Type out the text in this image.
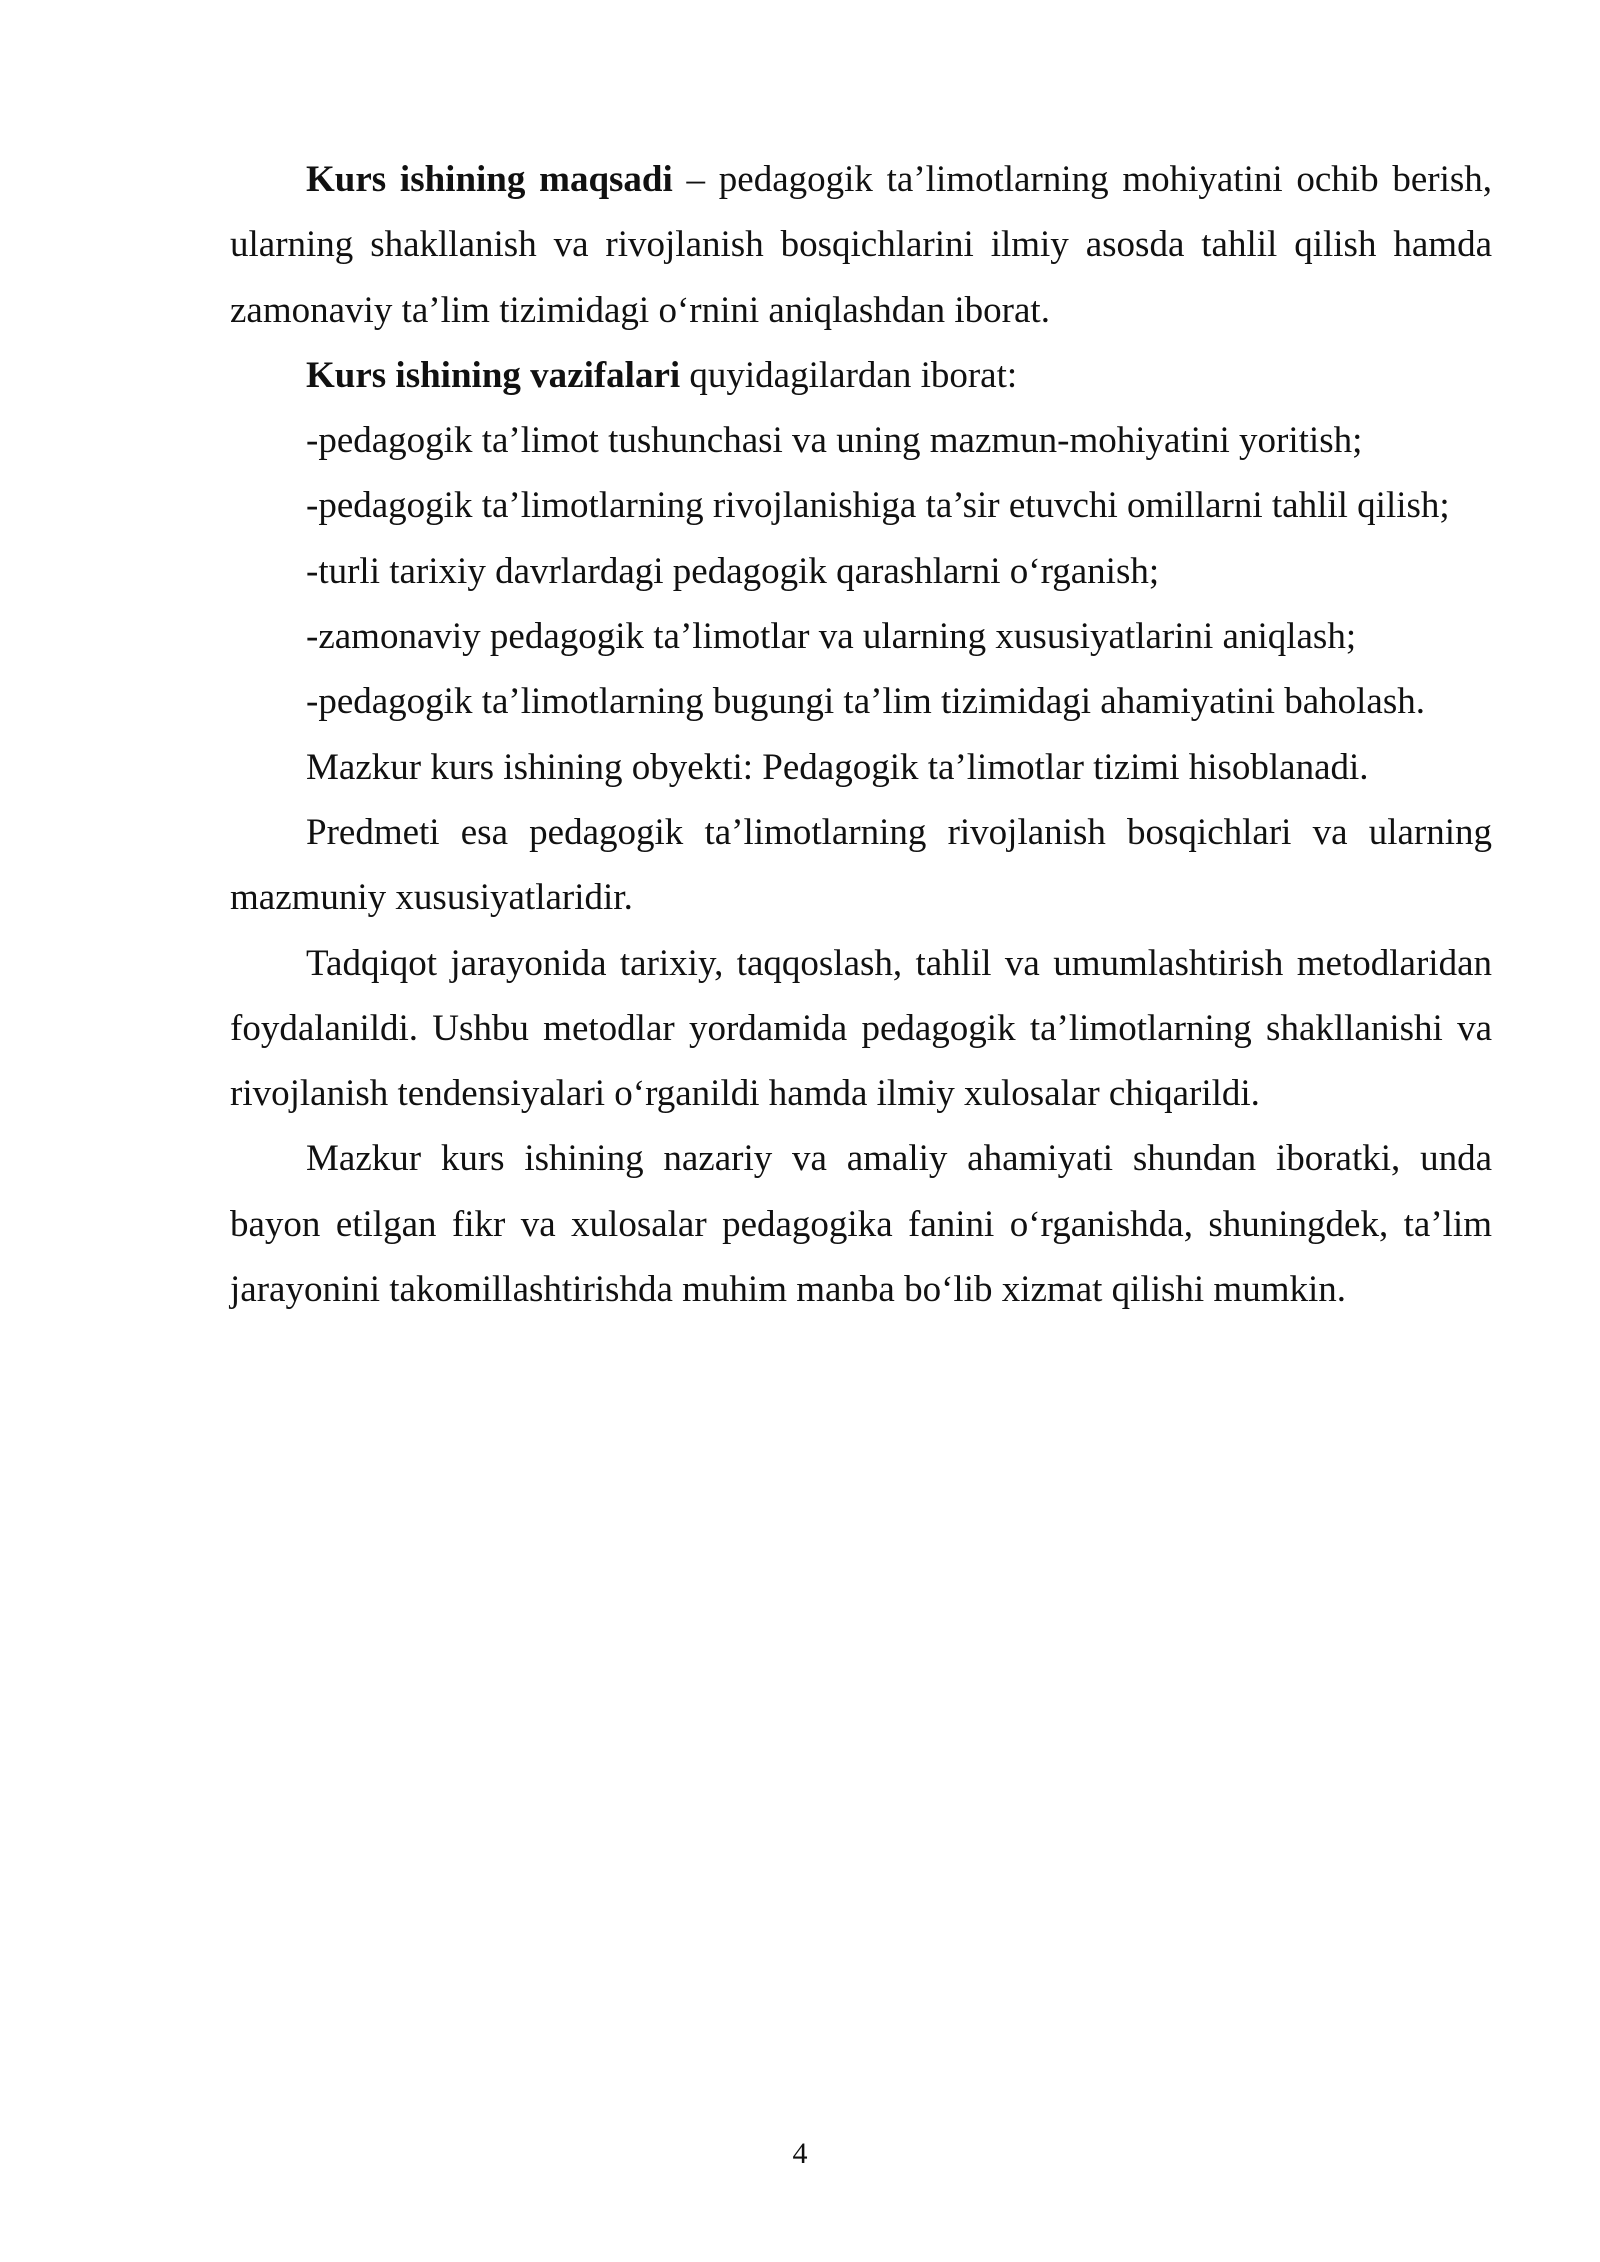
Kurs ishining maqsadi – pedagogik ta’limotlarning mohiyatini ochib berish, ularning shakllanish va rivojlanish bosqichlarini ilmiy asosda tahlil qilish hamda zamonaviy ta’lim tizimidagi o‘rnini aniqlashdan iborat.

Kurs ishining vazifalari quyidagilardan iborat:

-pedagogik ta’limot tushunchasi va uning mazmun-mohiyatini yoritish;

-pedagogik ta’limotlarning rivojlanishiga ta’sir etuvchi omillarni tahlil qilish;

-turli tarixiy davrlardagi pedagogik qarashlarni o‘rganish;

-zamonaviy pedagogik ta’limotlar va ularning xususiyatlarini aniqlash;

-pedagogik ta’limotlarning bugungi ta’lim tizimidagi ahamiyatini baholash.

Mazkur kurs ishining obyekti: Pedagogik ta’limotlar tizimi hisoblanadi.

Predmeti esa pedagogik ta’limotlarning rivojlanish bosqichlari va ularning mazmuniy xususiyatlaridir.

Tadqiqot jarayonida tarixiy, taqqoslash, tahlil va umumlashtirish metodlaridan foydalanildi. Ushbu metodlar yordamida pedagogik ta’limotlarning shakllanishi va rivojlanish tendensiyalari o‘rganildi hamda ilmiy xulosalar chiqarildi.

Mazkur kurs ishining nazariy va amaliy ahamiyati shundan iboratki, unda bayon etilgan fikr va xulosalar pedagogika fanini o‘rganishda, shuningdek, ta’lim jarayonini takomillashtirishda muhim manba bo‘lib xizmat qilishi mumkin.

4
